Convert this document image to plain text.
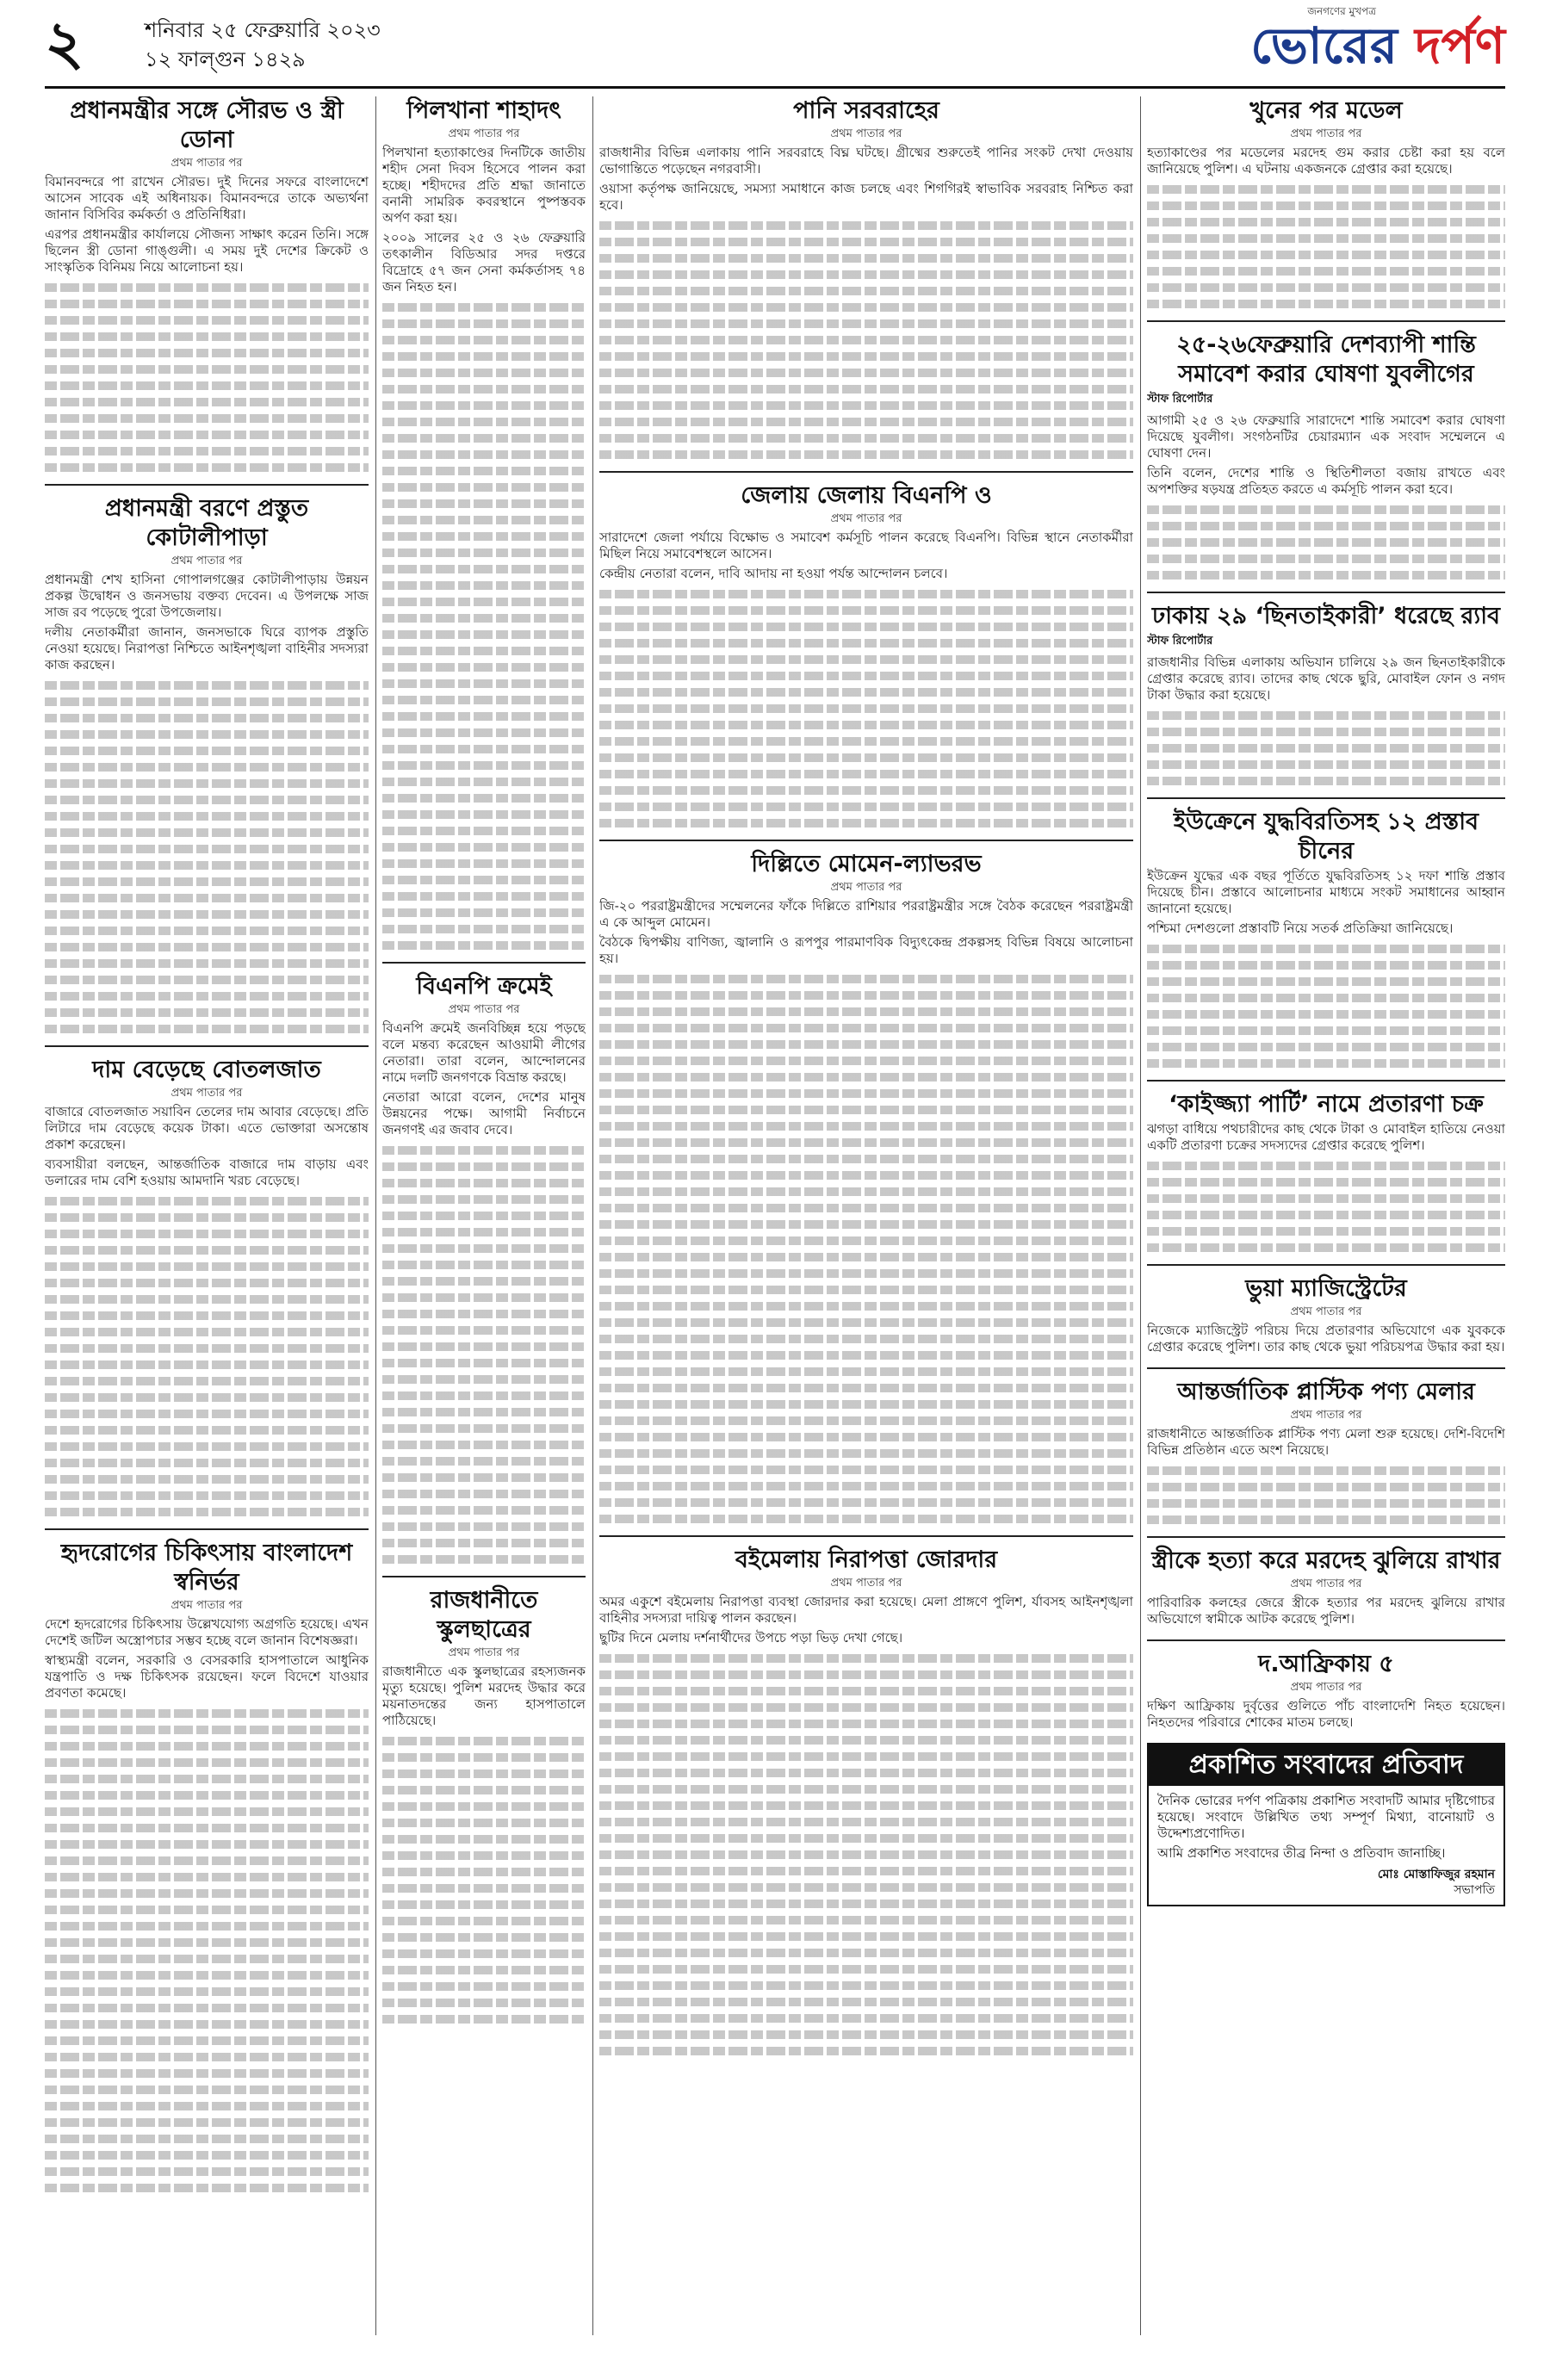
২	শনিবার ২৫ ফেব্রুয়ারি ২০২৩
১২ ফাল্গুন ১৪২৯
জনগণের মুখপত্র
ভোরের দর্পণ
প্রধানমন্ত্রীর সঙ্গে সৌরভ ও স্ত্রী ডোনা
প্রথম পাতার পর

বিমানবন্দরে পা রাখেন সৌরভ। দুই দিনের সফরে বাংলাদেশে আসেন সাবেক এই অধিনায়ক। বিমানবন্দরে তাকে অভ্যর্থনা জানান বিসিবির কর্মকর্তা ও প্রতিনিধিরা।

এরপর প্রধানমন্ত্রীর কার্যালয়ে সৌজন্য সাক্ষাৎ করেন তিনি। সঙ্গে ছিলেন স্ত্রী ডোনা গাঙ্গুলী। এ সময় দুই দেশের ক্রিকেট ও সাংস্কৃতিক বিনিময় নিয়ে আলোচনা হয়।

প্রধানমন্ত্রী বরণে প্রস্তুত কোটালীপাড়া
প্রথম পাতার পর

প্রধানমন্ত্রী শেখ হাসিনা গোপালগঞ্জের কোটালীপাড়ায় উন্নয়ন প্রকল্প উদ্বোধন ও জনসভায় বক্তব্য দেবেন। এ উপলক্ষে সাজ সাজ রব পড়েছে পুরো উপজেলায়।

দলীয় নেতাকর্মীরা জানান, জনসভাকে ঘিরে ব্যাপক প্রস্তুতি নেওয়া হয়েছে। নিরাপত্তা নিশ্চিতে আইনশৃঙ্খলা বাহিনীর সদস্যরা কাজ করছেন।

দাম বেড়েছে বোতলজাত
প্রথম পাতার পর

বাজারে বোতলজাত সয়াবিন তেলের দাম আবার বেড়েছে। প্রতি লিটারে দাম বেড়েছে কয়েক টাকা। এতে ভোক্তারা অসন্তোষ প্রকাশ করেছেন।

ব্যবসায়ীরা বলছেন, আন্তর্জাতিক বাজারে দাম বাড়ায় এবং ডলারের দাম বেশি হওয়ায় আমদানি খরচ বেড়েছে।

হৃদরোগের চিকিৎসায় বাংলাদেশ স্বনির্ভর
প্রথম পাতার পর

দেশে হৃদরোগের চিকিৎসায় উল্লেখযোগ্য অগ্রগতি হয়েছে। এখন দেশেই জটিল অস্ত্রোপচার সম্ভব হচ্ছে বলে জানান বিশেষজ্ঞরা।

স্বাস্থ্যমন্ত্রী বলেন, সরকারি ও বেসরকারি হাসপাতালে আধুনিক যন্ত্রপাতি ও দক্ষ চিকিৎসক রয়েছেন। ফলে বিদেশে যাওয়ার প্রবণতা কমেছে।

পিলখানা শাহাদৎ
প্রথম পাতার পর

পিলখানা হত্যাকাণ্ডের দিনটিকে জাতীয় শহীদ সেনা দিবস হিসেবে পালন করা হচ্ছে। শহীদদের প্রতি শ্রদ্ধা জানাতে বনানী সামরিক কবরস্থানে পুষ্পস্তবক অর্পণ করা হয়।

২০০৯ সালের ২৫ ও ২৬ ফেব্রুয়ারি তৎকালীন বিডিআর সদর দপ্তরে বিদ্রোহে ৫৭ জন সেনা কর্মকর্তাসহ ৭৪ জন নিহত হন।

বিএনপি ক্রমেই
প্রথম পাতার পর

বিএনপি ক্রমেই জনবিচ্ছিন্ন হয়ে পড়ছে বলে মন্তব্য করেছেন আওয়ামী লীগের নেতারা। তারা বলেন, আন্দোলনের নামে দলটি জনগণকে বিভ্রান্ত করছে।

নেতারা আরো বলেন, দেশের মানুষ উন্নয়নের পক্ষে। আগামী নির্বাচনে জনগণই এর জবাব দেবে।

রাজধানীতে স্কুলছাত্রের
প্রথম পাতার পর

রাজধানীতে এক স্কুলছাত্রের রহস্যজনক মৃত্যু হয়েছে। পুলিশ মরদেহ উদ্ধার করে ময়নাতদন্তের জন্য হাসপাতালে পাঠিয়েছে।

পানি সরবরাহের
প্রথম পাতার পর

রাজধানীর বিভিন্ন এলাকায় পানি সরবরাহে বিঘ্ন ঘটছে। গ্রীষ্মের শুরুতেই পানির সংকট দেখা দেওয়ায় ভোগান্তিতে পড়েছেন নগরবাসী।

ওয়াসা কর্তৃপক্ষ জানিয়েছে, সমস্যা সমাধানে কাজ চলছে এবং শিগগিরই স্বাভাবিক সরবরাহ নিশ্চিত করা হবে।

জেলায় জেলায় বিএনপি ও
প্রথম পাতার পর

সারাদেশে জেলা পর্যায়ে বিক্ষোভ ও সমাবেশ কর্মসূচি পালন করেছে বিএনপি। বিভিন্ন স্থানে নেতাকর্মীরা মিছিল নিয়ে সমাবেশস্থলে আসেন।

কেন্দ্রীয় নেতারা বলেন, দাবি আদায় না হওয়া পর্যন্ত আন্দোলন চলবে।

দিল্লিতে মোমেন-ল্যাভরভ
প্রথম পাতার পর

জি-২০ পররাষ্ট্রমন্ত্রীদের সম্মেলনের ফাঁকে দিল্লিতে রাশিয়ার পররাষ্ট্রমন্ত্রীর সঙ্গে বৈঠক করেছেন পররাষ্ট্রমন্ত্রী এ কে আব্দুল মোমেন।

বৈঠকে দ্বিপক্ষীয় বাণিজ্য, জ্বালানি ও রূপপুর পারমাণবিক বিদ্যুৎকেন্দ্র প্রকল্পসহ বিভিন্ন বিষয়ে আলোচনা হয়।

বইমেলায় নিরাপত্তা জোরদার
প্রথম পাতার পর

অমর একুশে বইমেলায় নিরাপত্তা ব্যবস্থা জোরদার করা হয়েছে। মেলা প্রাঙ্গণে পুলিশ, র্যাবসহ আইনশৃঙ্খলা বাহিনীর সদস্যরা দায়িত্ব পালন করছেন।

ছুটির দিনে মেলায় দর্শনার্থীদের উপচে পড়া ভিড় দেখা গেছে।

খুনের পর মডেল
প্রথম পাতার পর

হত্যাকাণ্ডের পর মডেলের মরদেহ গুম করার চেষ্টা করা হয় বলে জানিয়েছে পুলিশ। এ ঘটনায় একজনকে গ্রেপ্তার করা হয়েছে।

২৫-২৬ফেব্রুয়ারি দেশব্যাপী শান্তি সমাবেশ করার ঘোষণা যুবলীগের
স্টাফ রিপোর্টার

আগামী ২৫ ও ২৬ ফেব্রুয়ারি সারাদেশে শান্তি সমাবেশ করার ঘোষণা দিয়েছে যুবলীগ। সংগঠনটির চেয়ারম্যান এক সংবাদ সম্মেলনে এ ঘোষণা দেন।

তিনি বলেন, দেশের শান্তি ও স্থিতিশীলতা বজায় রাখতে এবং অপশক্তির ষড়যন্ত্র প্রতিহত করতে এ কর্মসূচি পালন করা হবে।

ঢাকায় ২৯ ‘ছিনতাইকারী’ ধরেছে র‌্যাব
স্টাফ রিপোর্টার

রাজধানীর বিভিন্ন এলাকায় অভিযান চালিয়ে ২৯ জন ছিনতাইকারীকে গ্রেপ্তার করেছে র‌্যাব। তাদের কাছ থেকে ছুরি, মোবাইল ফোন ও নগদ টাকা উদ্ধার করা হয়েছে।

ইউক্রেনে যুদ্ধবিরতিসহ ১২ প্রস্তাব চীনের

ইউক্রেন যুদ্ধের এক বছর পূর্তিতে যুদ্ধবিরতিসহ ১২ দফা শান্তি প্রস্তাব দিয়েছে চীন। প্রস্তাবে আলোচনার মাধ্যমে সংকট সমাধানের আহ্বান জানানো হয়েছে।

পশ্চিমা দেশগুলো প্রস্তাবটি নিয়ে সতর্ক প্রতিক্রিয়া জানিয়েছে।

‘কাইজ্জ্যা পার্টি’ নামে প্রতারণা চক্র

ঝগড়া বাধিয়ে পথচারীদের কাছ থেকে টাকা ও মোবাইল হাতিয়ে নেওয়া একটি প্রতারণা চক্রের সদস্যদের গ্রেপ্তার করেছে পুলিশ।

ভুয়া ম্যাজিস্ট্রেটের
প্রথম পাতার পর

নিজেকে ম্যাজিস্ট্রেট পরিচয় দিয়ে প্রতারণার অভিযোগে এক যুবককে গ্রেপ্তার করেছে পুলিশ। তার কাছ থেকে ভুয়া পরিচয়পত্র উদ্ধার করা হয়।

আন্তর্জাতিক প্লাস্টিক পণ্য মেলার
প্রথম পাতার পর

রাজধানীতে আন্তর্জাতিক প্লাস্টিক পণ্য মেলা শুরু হয়েছে। দেশি-বিদেশি বিভিন্ন প্রতিষ্ঠান এতে অংশ নিয়েছে।

স্ত্রীকে হত্যা করে মরদেহ ঝুলিয়ে রাখার
প্রথম পাতার পর

পারিবারিক কলহের জেরে স্ত্রীকে হত্যার পর মরদেহ ঝুলিয়ে রাখার অভিযোগে স্বামীকে আটক করেছে পুলিশ।

দ.আফ্রিকায় ৫
প্রথম পাতার পর

দক্ষিণ আফ্রিকায় দুর্বৃত্তের গুলিতে পাঁচ বাংলাদেশি নিহত হয়েছেন। নিহতদের পরিবারে শোকের মাতম চলছে।

প্রকাশিত সংবাদের প্রতিবাদ

দৈনিক ভোরের দর্পণ পত্রিকায় প্রকাশিত সংবাদটি আমার দৃষ্টিগোচর হয়েছে। সংবাদে উল্লিখিত তথ্য সম্পূর্ণ মিথ্যা, বানোয়াট ও উদ্দেশ্যপ্রণোদিত।

আমি প্রকাশিত সংবাদের তীব্র নিন্দা ও প্রতিবাদ জানাচ্ছি।

মোঃ মোস্তাফিজুর রহমান
সভাপতি
